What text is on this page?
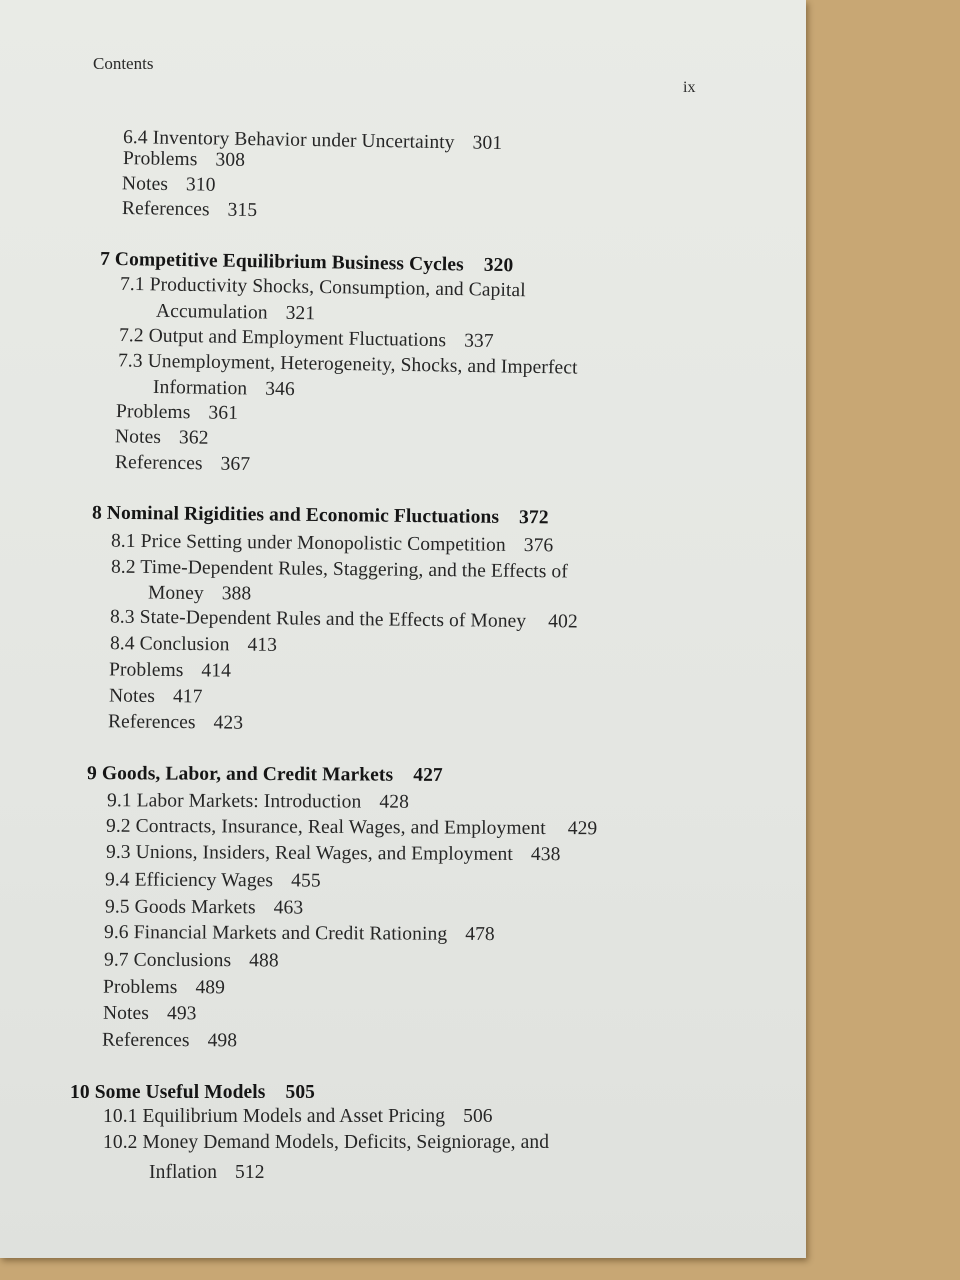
Contents
ix
6.4 Inventory Behavior under Uncertainty 301
Problems 308
Notes 310
References 315
7 Competitive Equilibrium Business Cycles 320
7.1 Productivity Shocks, Consumption, and Capital
Accumulation 321
7.2 Output and Employment Fluctuations 337
7.3 Unemployment, Heterogeneity, Shocks, and Imperfect
Information 346
Problems 361
Notes 362
References 367
8 Nominal Rigidities and Economic Fluctuations 372
8.1 Price Setting under Monopolistic Competition 376
8.2 Time-Dependent Rules, Staggering, and the Effects of
Money 388
8.3 State-Dependent Rules and the Effects of Money 402
8.4 Conclusion 413
Problems 414
Notes 417
References 423
9 Goods, Labor, and Credit Markets 427
9.1 Labor Markets: Introduction 428
9.2 Contracts, Insurance, Real Wages, and Employment 429
9.3 Unions, Insiders, Real Wages, and Employment 438
9.4 Efficiency Wages 455
9.5 Goods Markets 463
9.6 Financial Markets and Credit Rationing 478
9.7 Conclusions 488
Problems 489
Notes 493
References 498
10 Some Useful Models 505
10.1 Equilibrium Models and Asset Pricing 506
10.2 Money Demand Models, Deficits, Seigniorage, and
Inflation 512
